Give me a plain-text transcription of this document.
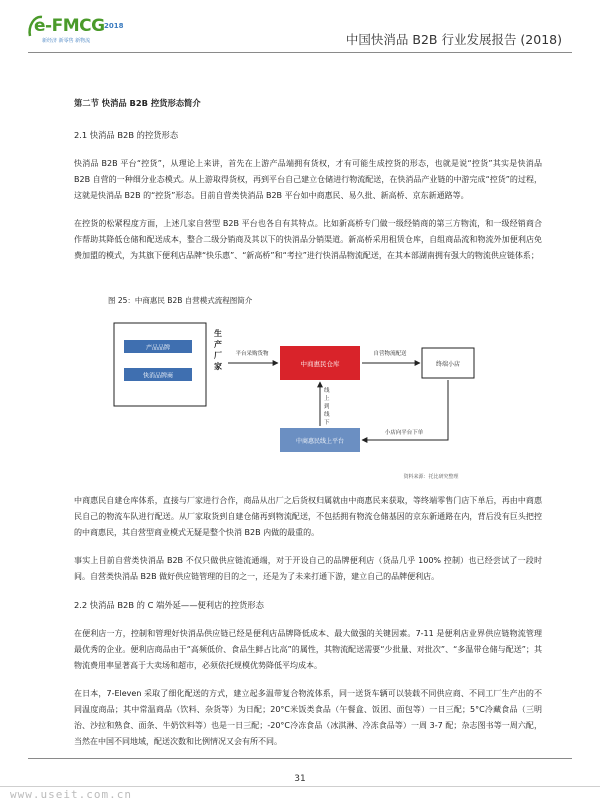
e-FMCG 2018
新经济 新零售 新物流	中国快消品 B2B 行业发展报告 (2018)

第二节 快消品 B2B 控货形态简介

2.1 快消品 B2B 的控货形态

快消品 B2B 平台“控货”，从理论上来讲，首先在上游产品端拥有货权，才有可能生成控货的形态，也就是说“控货”其实是快消品 B2B 自营的一种细分业态模式。从上游取得货权，再到平台自己建立仓储进行物流配送，在快消品产业链的中游完成“控货”的过程，这就是快消品 B2B 的“控货”形态。目前自营类快消品 B2B 平台如中商惠民、易久批、新高桥、京东新通路等。

在控货的松紧程度方面，上述几家自营型 B2B 平台也各自有其特点。比如新高桥专门做一级经销商的第三方物流，和一级经销商合作帮助其降低仓储和配送成本，整合二级分销商及其以下的快消品分销渠道。新高桥采用租赁仓库，自组商品流和物流外加便利店免费加盟的模式，为其旗下便利店品牌“快乐惠”、“新高桥”和“考拉”进行快消品物流配送，在其本部湖南拥有强大的物流供应链体系；

图 25：中商惠民 B2B 自营模式流程图简介
产品品牌
快消品牌商
生 产 厂 家
平台采购货物
中商惠民仓库
自营物流配送
终端小店
线 上 到 线 下
中商惠民线上平台
小店向平台下单
资料来源：托比研究整理

中商惠民自建仓库体系，直接与厂家进行合作，商品从出厂之后货权归属就由中商惠民来获取，等终端零售门店下单后，再由中商惠民自己的物流车队进行配送。从厂家取货到自建仓储再到物流配送，不包括拥有物流仓储基因的京东新通路在内，背后没有巨头把控的中商惠民，其自营型商业模式无疑是整个快消 B2B 内做的最重的。

事实上目前自营类快消品 B2B 不仅只做供应链流通端，对于开设自己的品牌便利店（货品几乎 100% 控制）也已经尝试了一段时间。自营类快消品 B2B 做好供应链管理的目的之一，还是为了未来打通下游，建立自己的品牌便利店。

2.2 快消品 B2B 的 C 端外延——便利店的控货形态

在便利店一方，控制和管理好快消品供应链已经是便利店品牌降低成本、最大做强的关键因素。7-11 是便利店业界供应链物流管理最优秀的企业。便利店商品由于“高频低价、食品生鲜占比高”的属性，其物流配送需要“少批量、对批次”、“多温带仓储与配送”；其物流费用率显著高于大卖场和超市，必须依托规模优势降低平均成本。

在日本，7-Eleven 采取了细化配送的方式，建立起多温带复合物流体系，同一送货车辆可以装载不同供应商、不同工厂生产出的不同温度商品；其中常温商品（饮料、杂货等）为日配；20°C米饭类食品（午餐盒、饭团、面包等）一日三配；5°C冷藏食品（三明治、沙拉和熟食、面条、牛奶饮料等）也是一日三配；-20°C冷冻食品（冰淇淋、冷冻食品等）一周 3-7 配；杂志图书等一周六配，当然在中国不同地域，配送次数和比例情况又会有所不同。

31
www.useit.com.cn
